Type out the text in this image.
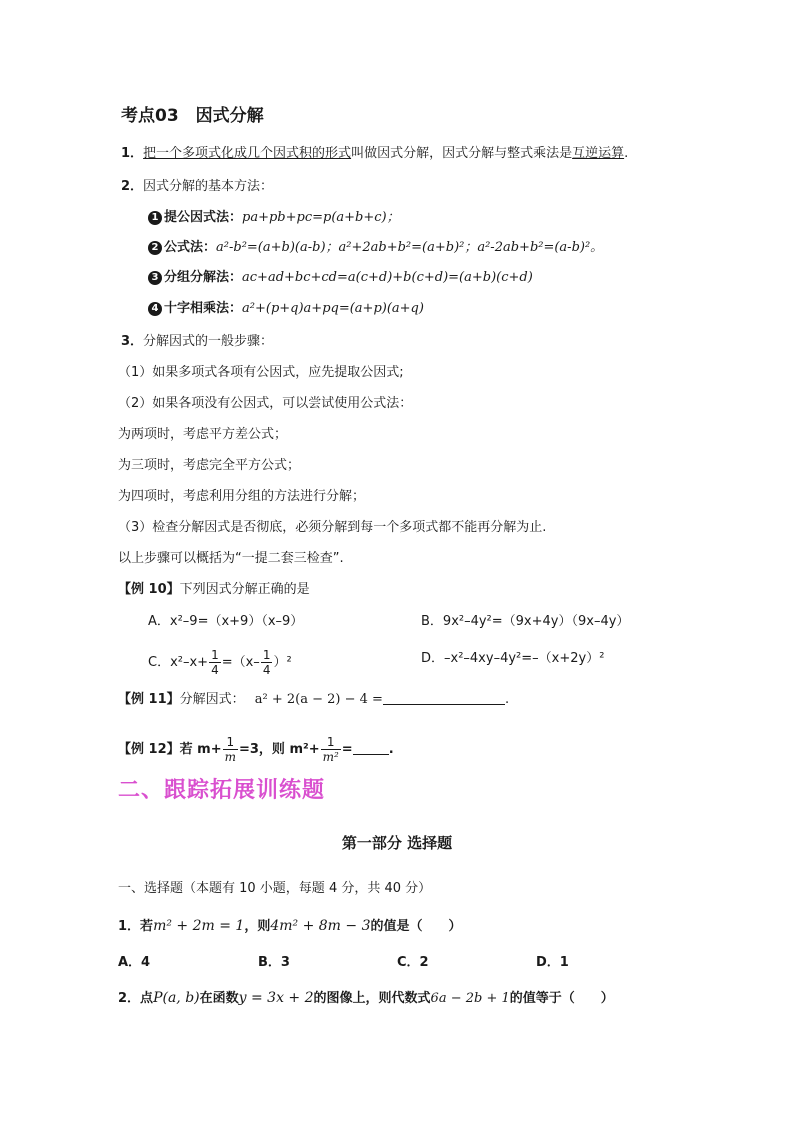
考点03　因式分解
1．把一个多项式化成几个因式积的形式叫做因式分解，因式分解与整式乘法是互逆运算.
2．因式分解的基本方法：
1 提公因式法：pa+pb+pc=p(a+b+c)；
2 公式法：a²-b²=(a+b)(a-b)；a²+2ab+b²=(a+b)²；a²-2ab+b²=(a-b)²。
3 分组分解法：ac+ad+bc+cd=a(c+d)+b(c+d)=(a+b)(c+d)
4 十字相乘法：a²+(p+q)a+pq=(a+p)(a+q)
3．分解因式的一般步骤：
（1）如果多项式各项有公因式，应先提取公因式;
（2）如果各项没有公因式，可以尝试使用公式法：
为两项时，考虑平方差公式；
为三项时，考虑完全平方公式；
为四项时，考虑利用分组的方法进行分解；
（3）检查分解因式是否彻底，必须分解到每一个多项式都不能再分解为止.
以上步骤可以概括为“一提二套三检查”.
【例 10】下列因式分解正确的是
A．x²–9=（x+9）（x–9）	B．9x²–4y²=（9x+4y）（9x–4y）
C．$x^2-x+ \frac{1}{4} =(x- \frac{1}{4} )^2$	D．–x²–4xy–4y²=–（x+2y）²
【例 11】分解因式： a² + 2(a − 2) − 4 =	.
【例 12】若 $m+ \frac{1}{m} =3$，则 $m^2+ \frac{1}{\text{m²}}$ =	.
二、跟踪拓展训练题
第一部分 选择题
一、选择题（本题有 10 小题，每题 4 分，共 40 分）
1．若m² + 2m = 1，则4m² + 8m − 3的值是（　　）
A．4	B．3	C．2	D．1
2．点P(a, b)在函数y = 3x + 2的图像上，则代数式6a − 2b + 1的值等于（　　）
